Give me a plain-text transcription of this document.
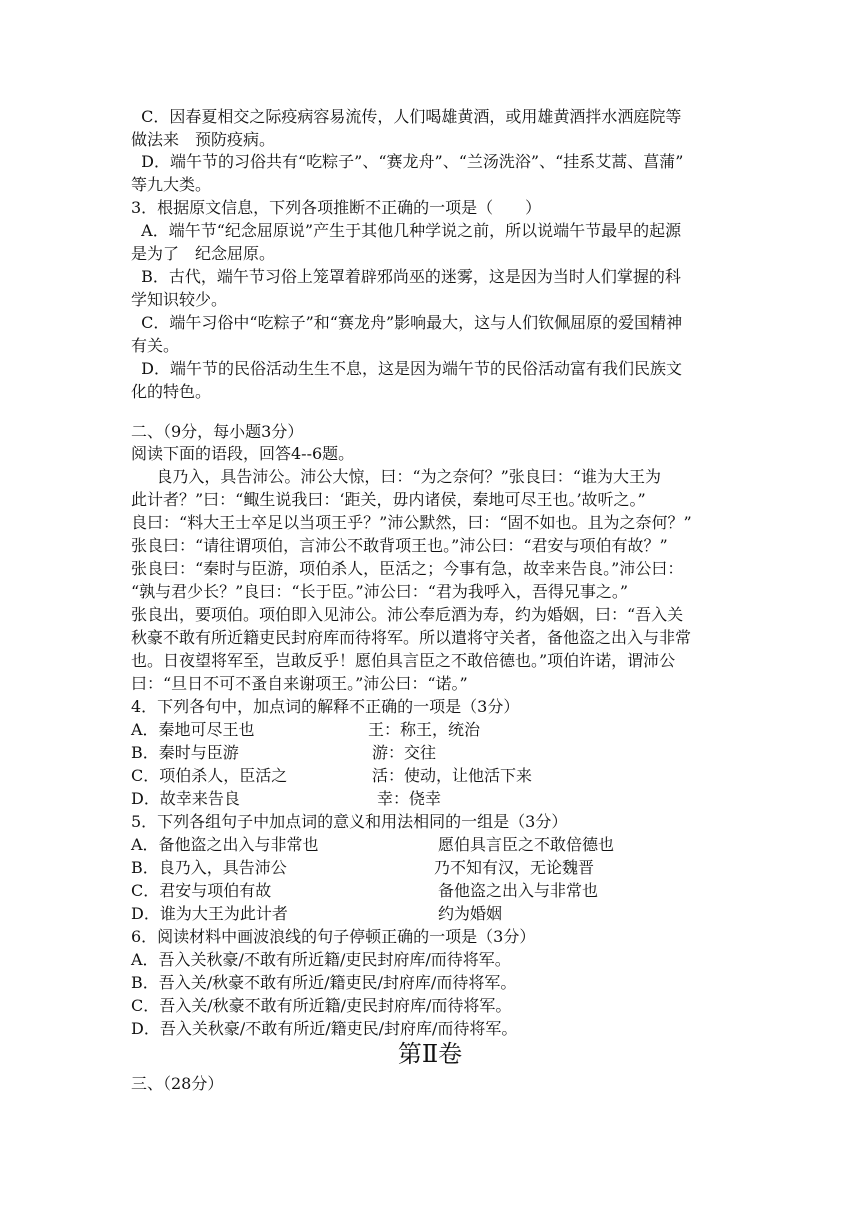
C．因春夏相交之际疫病容易流传，人们喝雄黄酒，或用雄黄酒拌水洒庭院等
做法来　预防疫病。
D．端午节的习俗共有“吃粽子”、“赛龙舟”、“兰汤洗浴”、“挂系艾蒿、菖蒲”
等九大类。
3．根据原文信息，下列各项推断不正确的一项是（　　）
A．端午节“纪念屈原说”产生于其他几种学说之前，所以说端午节最早的起源
是为了　纪念屈原。
B．古代，端午节习俗上笼罩着辟邪尚巫的迷雾，这是因为当时人们掌握的科
学知识较少。
C．端午习俗中“吃粽子”和“赛龙舟”影响最大，这与人们钦佩屈原的爱国精神
有关。
D．端午节的民俗活动生生不息，这是因为端午节的民俗活动富有我们民族文
化的特色。
二、（9分，每小题3分）
阅读下面的语段，回答4--6题。
良乃入，具告沛公。沛公大惊，曰：“为之奈何？”张良曰：“谁为大王为
此计者？”曰：“鲰生说我曰：‘距关，毋内诸侯，秦地可尽王也。’故听之。”
良曰：“料大王士卒足以当项王乎？”沛公默然，曰：“固不如也。且为之奈何？”
张良曰：“请往谓项伯，言沛公不敢背项王也。”沛公曰：“君安与项伯有故？”
张良曰：“秦时与臣游，项伯杀人，臣活之；今事有急，故幸来告良。”沛公曰：
“孰与君少长？”良曰：“长于臣。”沛公曰：“君为我呼入，吾得兄事之。”
张良出，要项伯。项伯即入见沛公。沛公奉卮酒为寿，约为婚姻，曰：“吾入关
秋豪不敢有所近籍吏民封府库而待将军。所以遣将守关者，备他盗之出入与非常
也。日夜望将军至，岂敢反乎！愿伯具言臣之不敢倍德也。”项伯许诺，谓沛公
曰：“旦日不可不蚤自来谢项王。”沛公曰：“诺。”
4．下列各句中，加点词的解释不正确的一项是（3分）
A．秦地可尽王也	王：称王，统治
B．秦时与臣游	游：交往
C．项伯杀人，臣活之	活：使动，让他活下来
D．故幸来告良	幸：侥幸
5．下列各组句子中加点词的意义和用法相同的一组是（3分）
A．备他盗之出入与非常也	愿伯具言臣之不敢倍德也
B．良乃入，具告沛公	乃不知有汉，无论魏晋
C．君安与项伯有故	备他盗之出入与非常也
D．谁为大王为此计者	约为婚姻
6．阅读材料中画波浪线的句子停顿正确的一项是（3分）
A．吾入关秋豪/不敢有所近籍/吏民封府库/而待将军。
B．吾入关/秋豪不敢有所近/籍吏民/封府库/而待将军。
C．吾入关/秋豪不敢有所近籍/吏民封府库/而待将军。
D．吾入关秋豪/不敢有所近/籍吏民/封府库/而待将军。
第Ⅱ卷
三、（28分）
